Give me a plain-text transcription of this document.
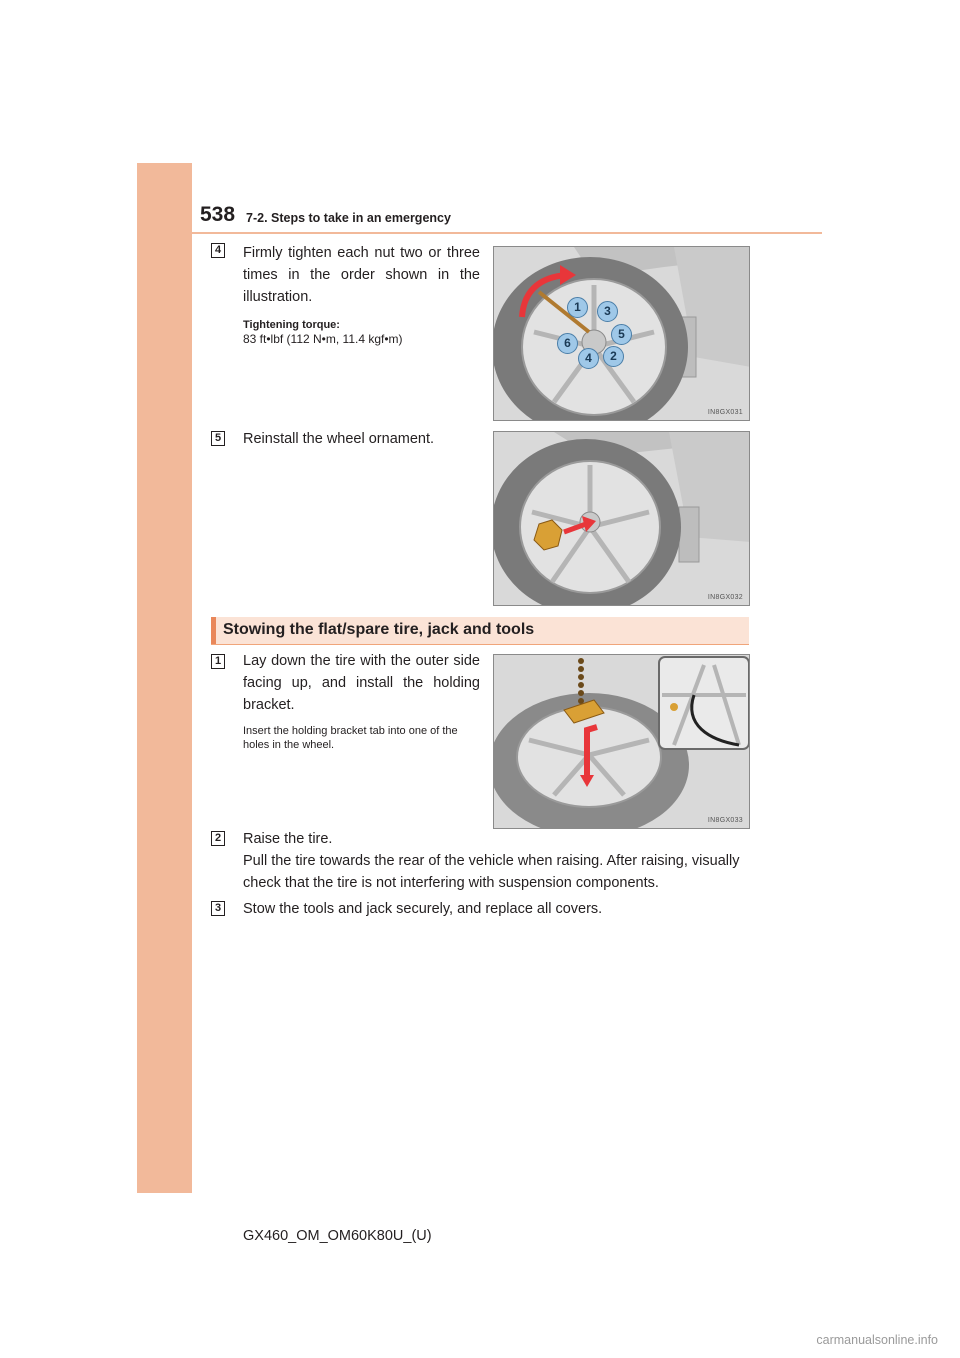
538 7-2. Steps to take in an emergency
4 Firmly tighten each nut two or three times in the order shown in the illustration.
Tightening torque:
83 ft•lbf (112 N•m, 11.4 kgf•m)
1	3
5
6
4	2
IN8GX031
5 Reinstall the wheel ornament.
IN8GX032
Stowing the flat/spare tire, jack and tools
1 Lay down the tire with the outer side facing up, and install the holding bracket.
Insert the holding bracket tab into one of the holes in the wheel.
IN8GX033
2 Raise the tire.
Pull the tire towards the rear of the vehicle when raising. After raising, visually check that the tire is not interfering with suspension components.
3 Stow the tools and jack securely, and replace all covers.
GX460_OM_OM60K80U_(U)
carmanualsonline.info
